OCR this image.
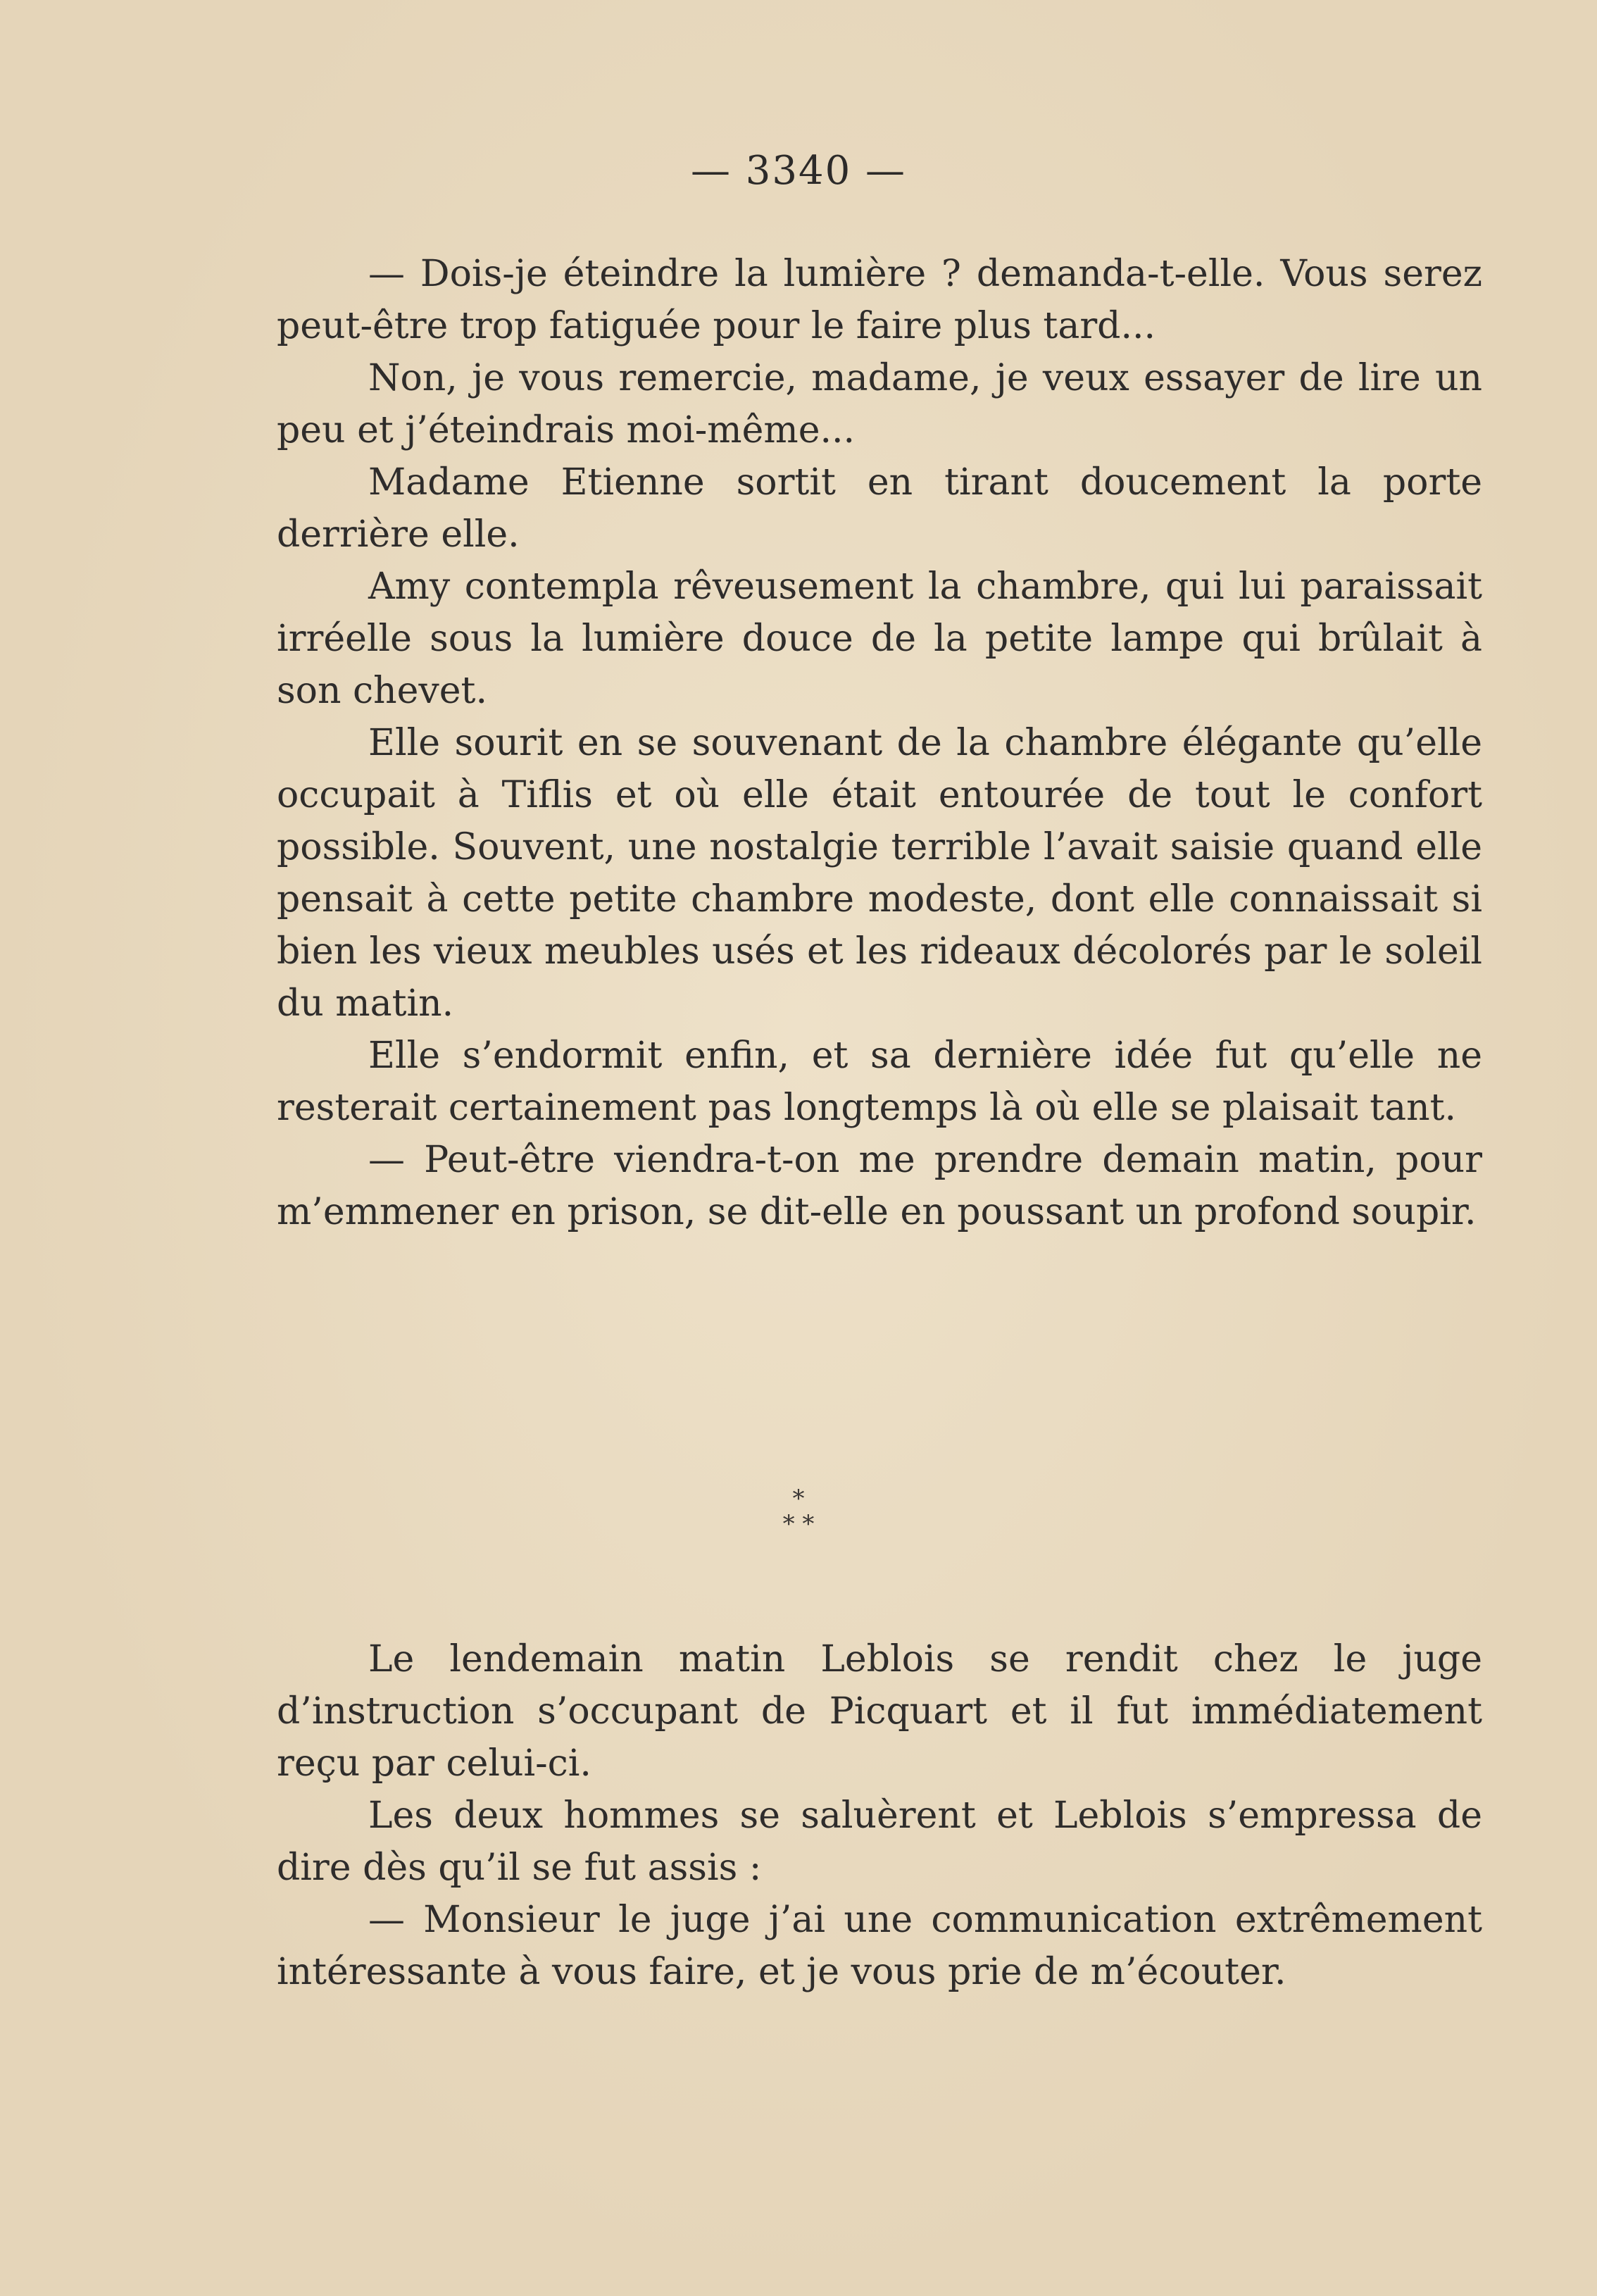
— 3340 —

— Dois-je éteindre la lumière ? demanda-t-elle. Vous serez peut-être trop fatiguée pour le faire plus tard...

Non, je vous remercie, madame, je veux essayer de lire un peu et j’éteindrais moi-même...

Madame Etienne sortit en tirant doucement la porte derrière elle.

Amy contempla rêveusement la chambre, qui lui paraissait irréelle sous la lumière douce de la petite lampe qui brûlait à son chevet.

Elle sourit en se souvenant de la chambre élégante qu’elle occupait à Tiflis et où elle était entourée de tout le confort possible. Souvent, une nostalgie terrible l’avait saisie quand elle pensait à cette petite chambre modeste, dont elle connaissait si bien les vieux meubles usés et les rideaux décolorés par le soleil du matin.

Elle s’endormit enfin, et sa dernière idée fut qu’elle ne resterait certainement pas longtemps là où elle se plaisait tant.

— Peut-être viendra-t-on me prendre demain matin, pour m’emmener en prison, se dit-elle en poussant un profond soupir.

*
* *

Le lendemain matin Leblois se rendit chez le juge d’instruction s’occupant de Picquart et il fut immédiatement reçu par celui-ci.

Les deux hommes se saluèrent et Leblois s’empressa de dire dès qu’il se fut assis :

— Monsieur le juge j’ai une communication extrêmement intéressante à vous faire, et je vous prie de m’écouter.
